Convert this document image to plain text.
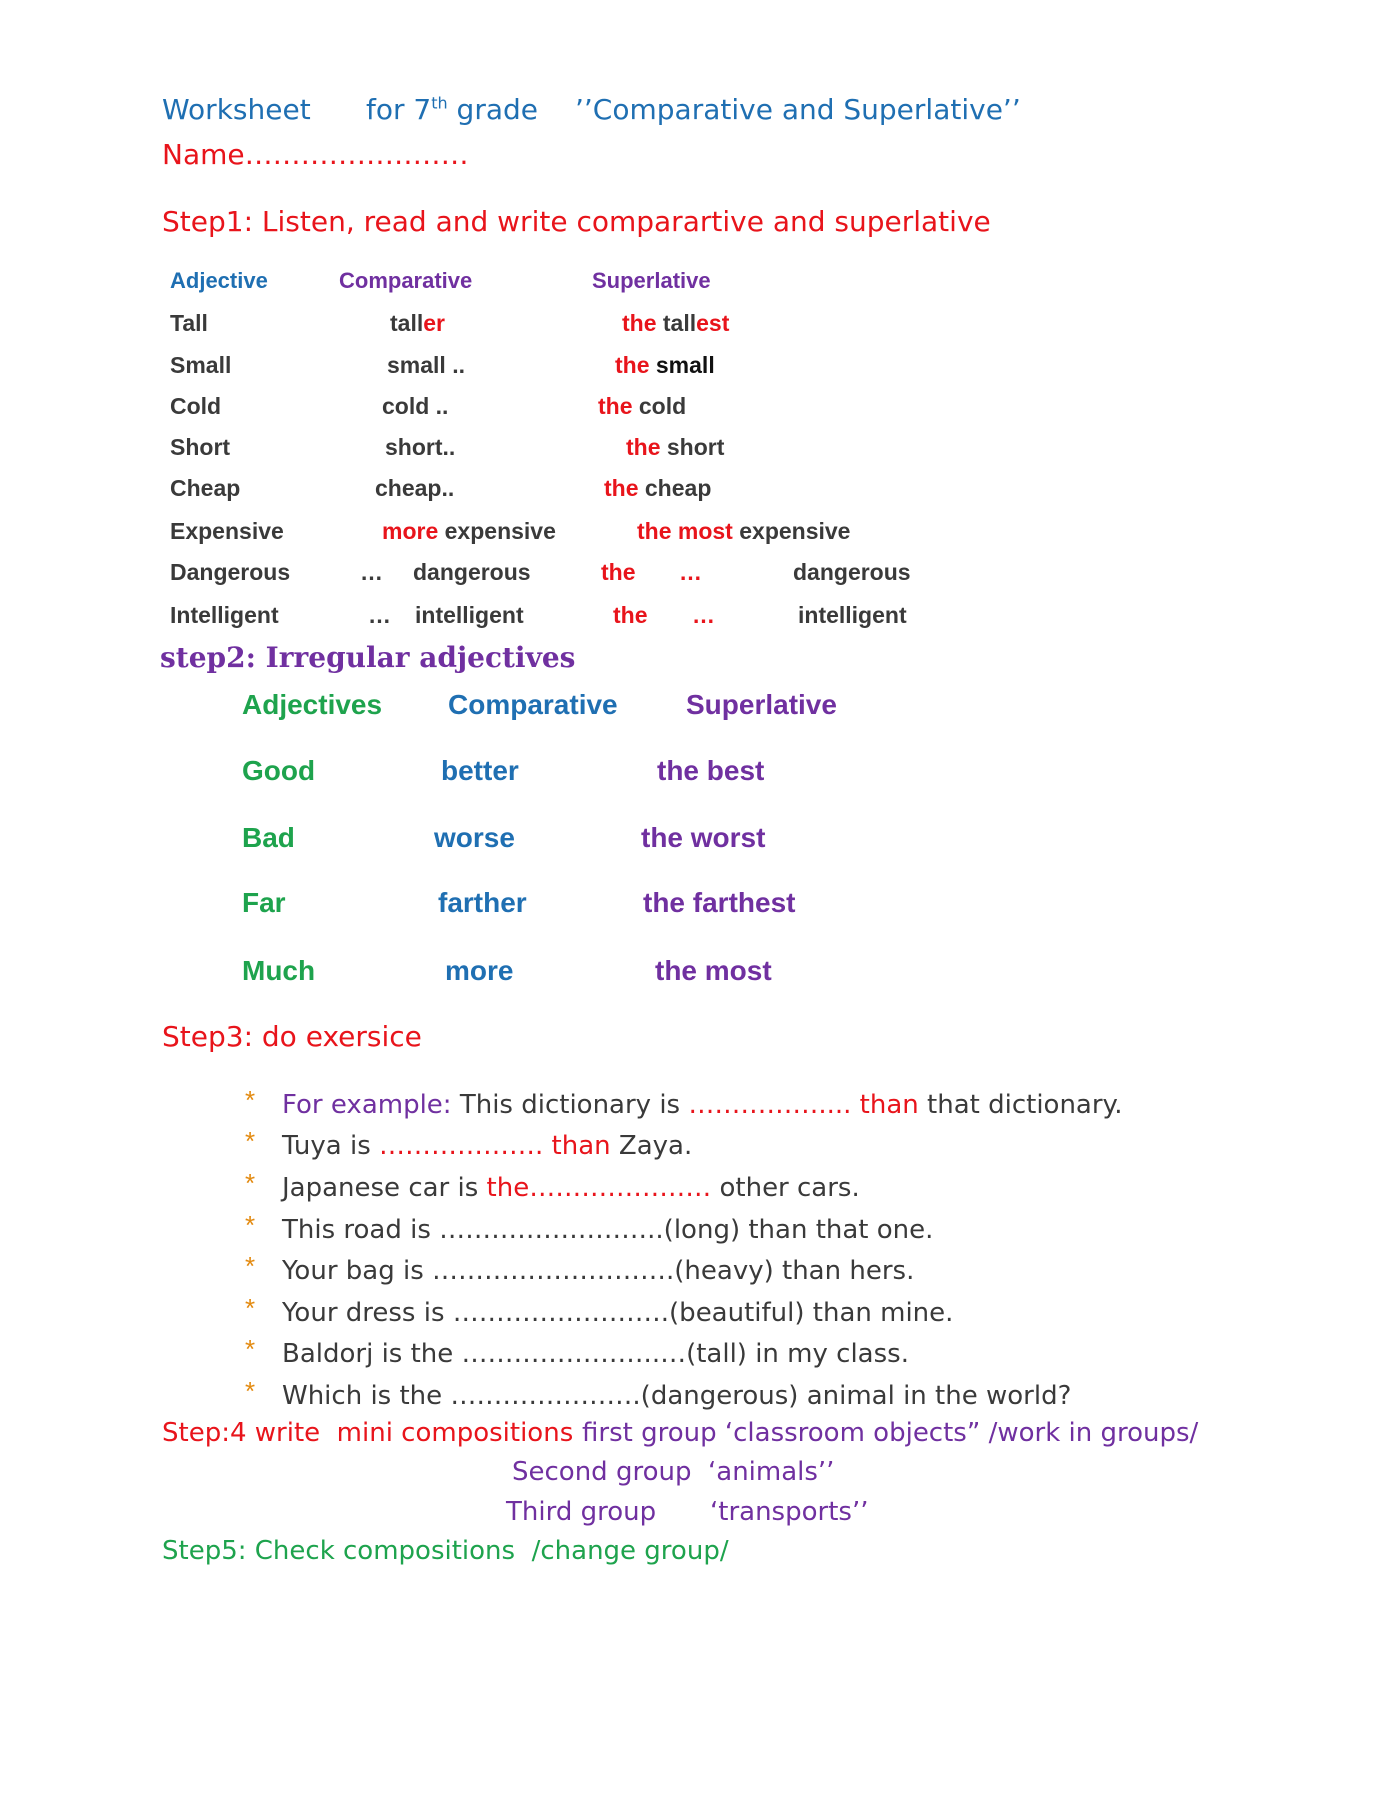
Worksheet for 7th grade ’’Comparative and Superlative’’
Name……………………
Step1: Listen, read and write comparartive and superlative
Adjective	Comparative	Superlative
Tall	taller	the tallest
Small	small ..	the small
Cold	cold ..	the cold
Short	short..	the short
Cheap	cheap..	the cheap
Expensive	more expensive	the most expensive
Dangerous	… dangerous	the …	dangerous
Intelligent	… intelligent	the …	intelligent
step2: Irregular adjectives
Adjectives Comparative Superlative
Good	better	the best
Bad	worse	the worst
Far	farther	the farthest
Much	more	the most
Step3: do exersice
* For example: This dictionary is …………….... than that dictionary.
* Tuya is ………………. than Zaya.
* Japanese car is the………………… other cars.
* This road is ……………………..(long) than that one.
* Your bag is ……………………….(heavy) than hers.
* Your dress is …………………….(beautiful) than mine.
* Baldorj is the …………………..…(tall) in my class.
* Which is the ………………….(dangerous) animal in the world?
Step:4 write  mini compositions first group ‘classroom objects” /work in groups/
Second group  ‘animals’’
Third group ‘transports’’
Step5: Check compositions  /change group/
